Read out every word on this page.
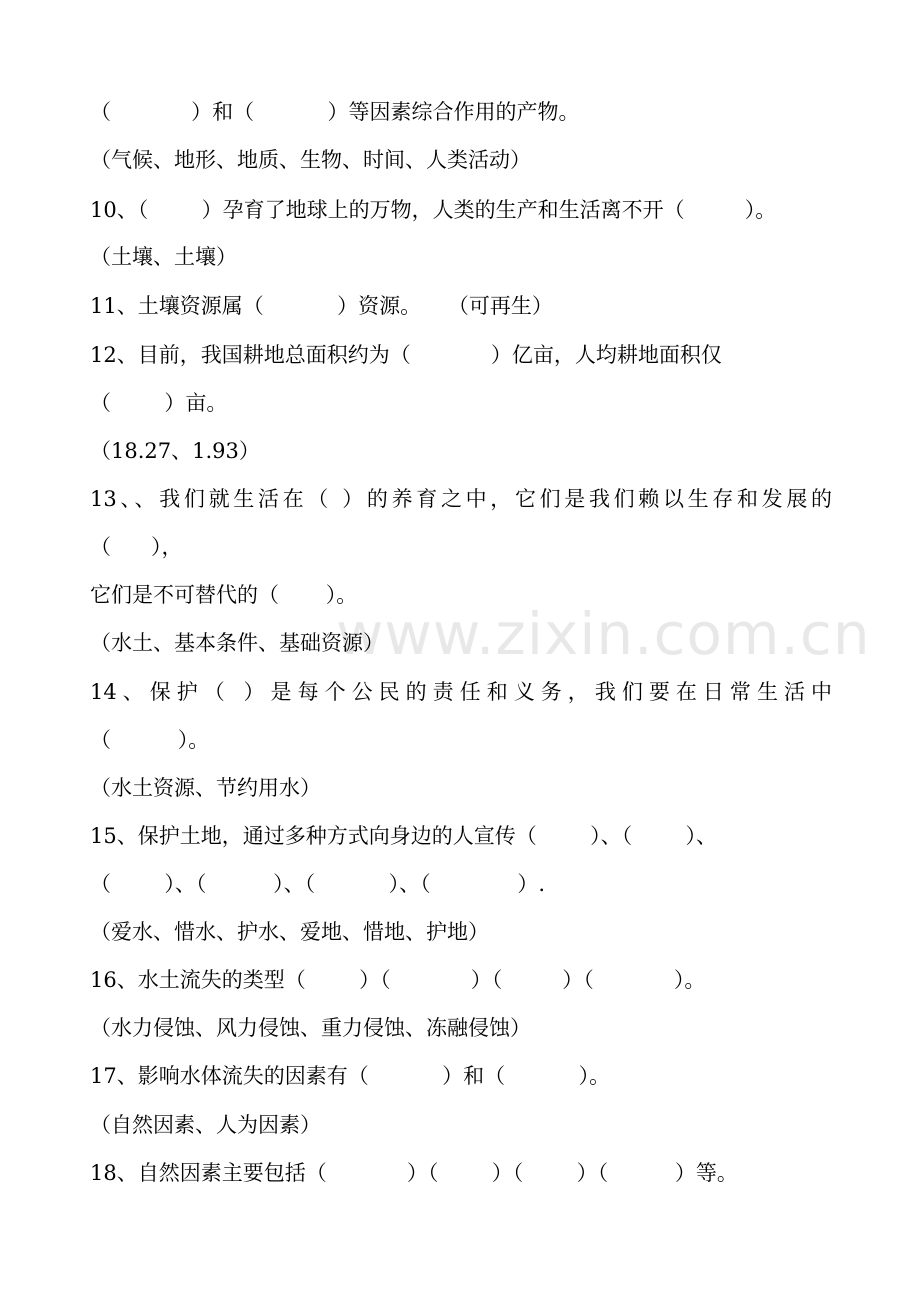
（            ）和（           ）等因素综合作用的产物。
（气候、地形、地质、生物、时间、人类活动）
10、（        ）孕育了地球上的万物，人类的生产和生活离不开（         ）。
（土壤、土壤）
11、土壤资源属（           ）资源。    （可再生）
12、目前，我国耕地总面积约为（            ）亿亩，人均耕地面积仅
（        ）亩。
（18.27、1.93）
13、、我们就生活在（ ）的养育之中，它们是我们赖以生存和发展的
（      ），
它们是不可替代的（       ）。
（水土、基本条件、基础资源）
14、保护（ ）是每个公民的责任和义务，我们要在日常生活中
（          ）。
（水土资源、节约用水）
15、保护土地，通过多种方式向身边的人宣传（        ）、（        ）、
（        ）、（          ）、（           ）、（             ）.
（爱水、惜水、护水、爱地、惜地、护地）
16、水土流失的类型（        ）（            ）（         ）（            ）。
（水力侵蚀、风力侵蚀、重力侵蚀、冻融侵蚀）
17、影响水体流失的因素有（           ）和（           ）。
（自然因素、人为因素）
18、自然因素主要包括（            ）（        ）（        ）（          ）等。
www.zixin.com.cn
